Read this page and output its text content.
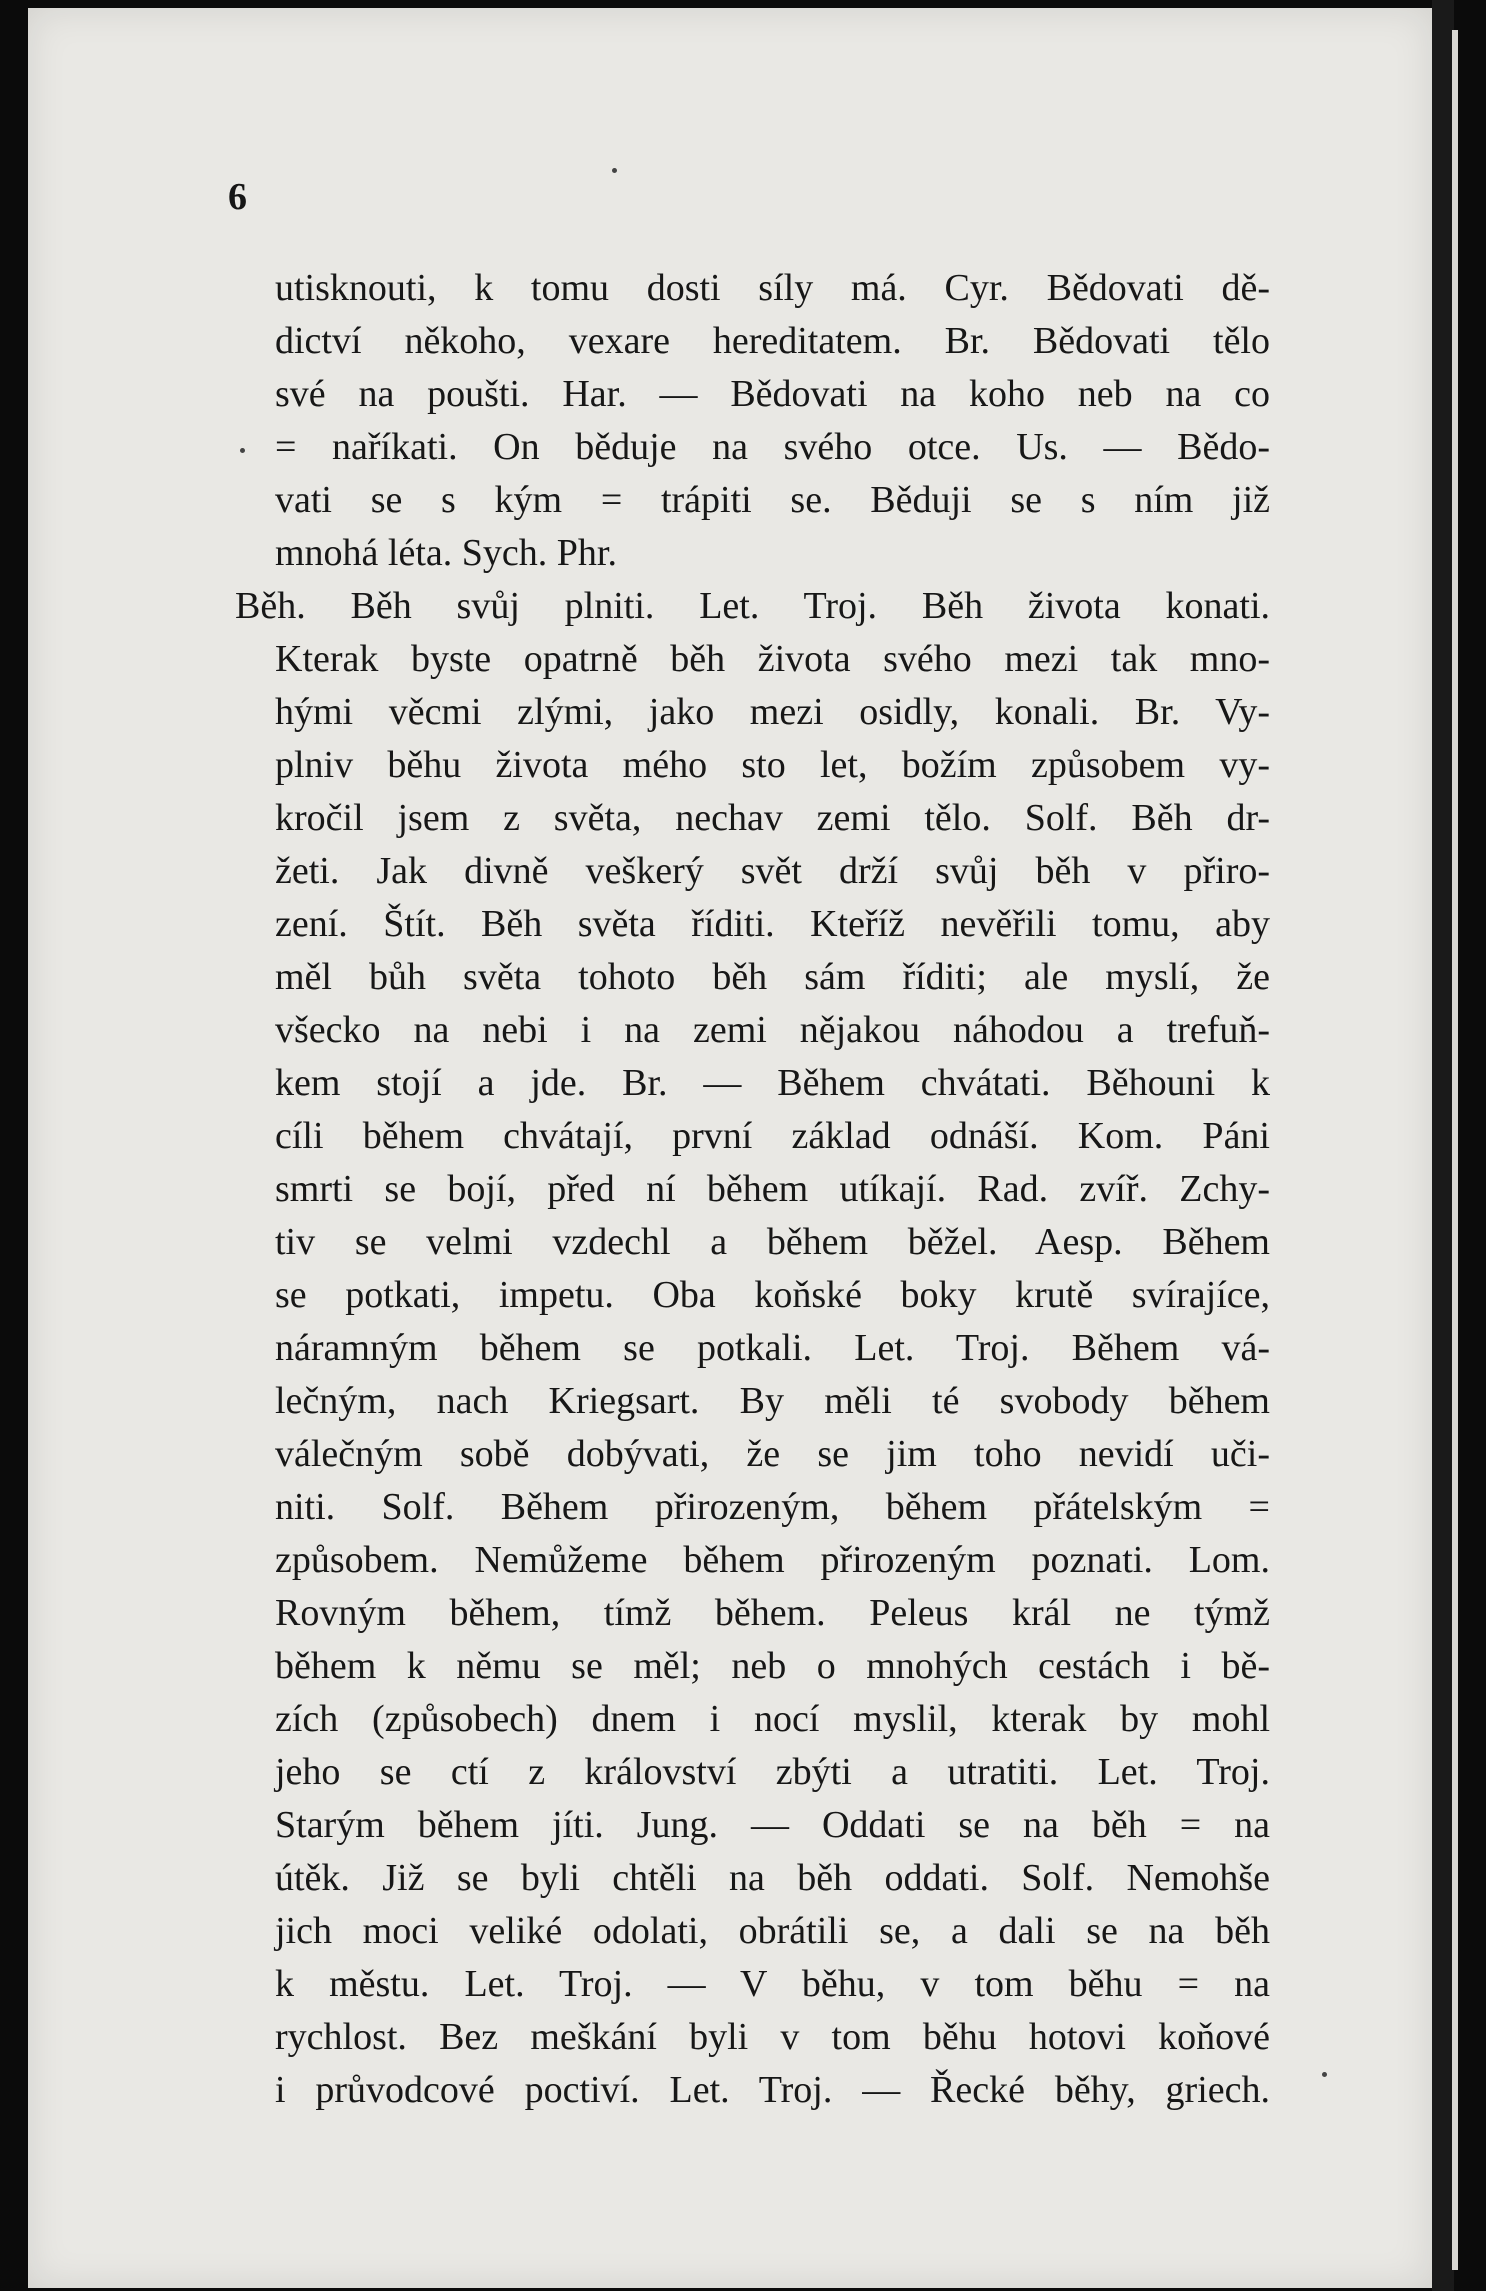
6

utisknouti, k tomu dosti síly má. Cyr. Bědovati dě-
dictví někoho, vexare hereditatem. Br. Bědovati tělo
své na poušti. Har. — Bědovati na koho neb na co
= naříkati. On běduje na svého otce. Us. — Bědo-
vati se s kým = trápiti se. Běduji se s ním již
mnohá léta. Sych. Phr.
Běh. Běh svůj plniti. Let. Troj. Běh života konati.
Kterak byste opatrně běh života svého mezi tak mno-
hými věcmi zlými, jako mezi osidly, konali. Br. Vy-
plniv běhu života mého sto let, božím způsobem vy-
kročil jsem z světa, nechav zemi tělo. Solf. Běh dr-
žeti. Jak divně veškerý svět drží svůj běh v přiro-
zení. Štít. Běh světa říditi. Kteříž nevěřili tomu, aby
měl bůh světa tohoto běh sám říditi; ale myslí, že
všecko na nebi i na zemi nějakou náhodou a trefuň-
kem stojí a jde. Br. — Během chvátati. Běhouni k
cíli během chvátají, první základ odnáší. Kom. Páni
smrti se bojí, před ní během utíkají. Rad. zvíř. Zchy-
tiv se velmi vzdechl a během běžel. Aesp. Během
se potkati, impetu. Oba koňské boky krutě svírajíce,
náramným během se potkali. Let. Troj. Během vá-
lečným, nach Kriegsart. By měli té svobody během
válečným sobě dobývati, že se jim toho nevidí uči-
niti. Solf. Během přirozeným, během přátelským =
způsobem. Nemůžeme během přirozeným poznati. Lom.
Rovným během, tímž během. Peleus král ne týmž
během k němu se měl; neb o mnohých cestách i bě-
zích (způsobech) dnem i nocí myslil, kterak by mohl
jeho se ctí z království zbýti a utratiti. Let. Troj.
Starým během jíti. Jung. — Oddati se na běh = na
útěk. Již se byli chtěli na běh oddati. Solf. Nemohše
jich moci veliké odolati, obrátili se, a dali se na běh
k městu. Let. Troj. — V běhu, v tom běhu = na
rychlost. Bez meškání byli v tom běhu hotovi koňové
i průvodcové poctiví. Let. Troj. — Řecké běhy, griech.
